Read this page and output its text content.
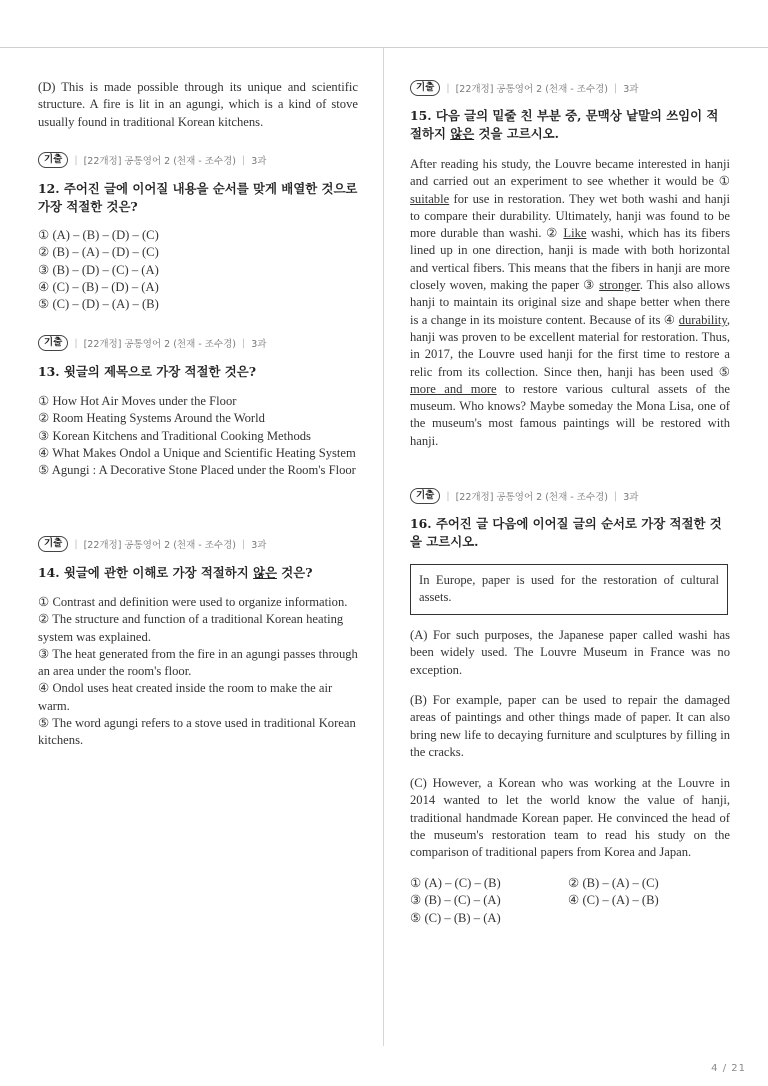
(D) This is made possible through its unique and scientific structure. A fire is lit in an agungi, which is a kind of stove usually found in traditional Korean kitchens.

기출	| [22개정] 공통영어 2 (천재 - 조수경) | 3과

12. 주어진 글에 이어질 내용을 순서를 맞게 배열한 것으로 가장 적절한 것은?

① (A) – (B) – (D) – (C)

② (B) – (A) – (D) – (C)

③ (B) – (D) – (C) – (A)

④ (C) – (B) – (D) – (A)

⑤ (C) – (D) – (A) – (B)

기출	| [22개정] 공통영어 2 (천재 - 조수경) | 3과

13. 윗글의 제목으로 가장 적절한 것은?

① How Hot Air Moves under the Floor

② Room Heating Systems Around the World

③ Korean Kitchens and Traditional Cooking Methods

④ What Makes Ondol a Unique and Scientific Heating System

⑤ Agungi : A Decorative Stone Placed under the Room's Floor

기출	| [22개정] 공통영어 2 (천재 - 조수경) | 3과

14. 윗글에 관한 이해로 가장 적절하지 않은 것은?

① Contrast and definition were used to organize information.

② The structure and function of a traditional Korean heating system was explained.

③ The heat generated from the fire in an agungi passes through an area under the room's floor.

④ Ondol uses heat created inside the room to make the air warm.

⑤ The word agungi refers to a stove used in traditional Korean kitchens.

기출	| [22개정] 공통영어 2 (천재 - 조수경) | 3과

15. 다음 글의 밑줄 친 부분 중, 문맥상 낱말의 쓰임이 적절하지 않은 것을 고르시오.

After reading his study, the Louvre became interested in hanji and carried out an experiment to see whether it would be ① suitable for use in restoration. They wet both washi and hanji to compare their durability. Ultimately, hanji was found to be more durable than washi. ② Like washi, which has its fibers lined up in one direction, hanji is made with both horizontal and vertical fibers. This means that the fibers in hanji are more closely woven, making the paper ③ stronger. This also allows hanji to maintain its original size and shape better when there is a change in its moisture content. Because of its ④ durability, hanji was proven to be excellent material for restoration. Thus, in 2017, the Louvre used hanji for the first time to restore a relic from its collection. Since then, hanji has been used ⑤ more and more to restore various cultural assets of the museum. Who knows? Maybe someday the Mona Lisa, one of the museum's most famous paintings will be restored with hanji.

기출	| [22개정] 공통영어 2 (천재 - 조수경) | 3과

16. 주어진 글 다음에 이어질 글의 순서로 가장 적절한 것을 고르시오.

In Europe, paper is used for the restoration of cultural assets.

(A) For such purposes, the Japanese paper called washi has been widely used. The Louvre Museum in France was no exception.

(B) For example, paper can be used to repair the damaged areas of paintings and other things made of paper. It can also bring new life to decaying furniture and sculptures by filling in the cracks.

(C) However, a Korean who was working at the Louvre in 2014 wanted to let the world know the value of hanji, traditional handmade Korean paper. He convinced the head of the museum's restoration team to read his study on the comparison of traditional papers from Korea and Japan.

① (A) – (C) – (B)	② (B) – (A) – (C)
③ (B) – (C) – (A)	④ (C) – (A) – (B)
⑤ (C) – (B) – (A)
4 / 21
